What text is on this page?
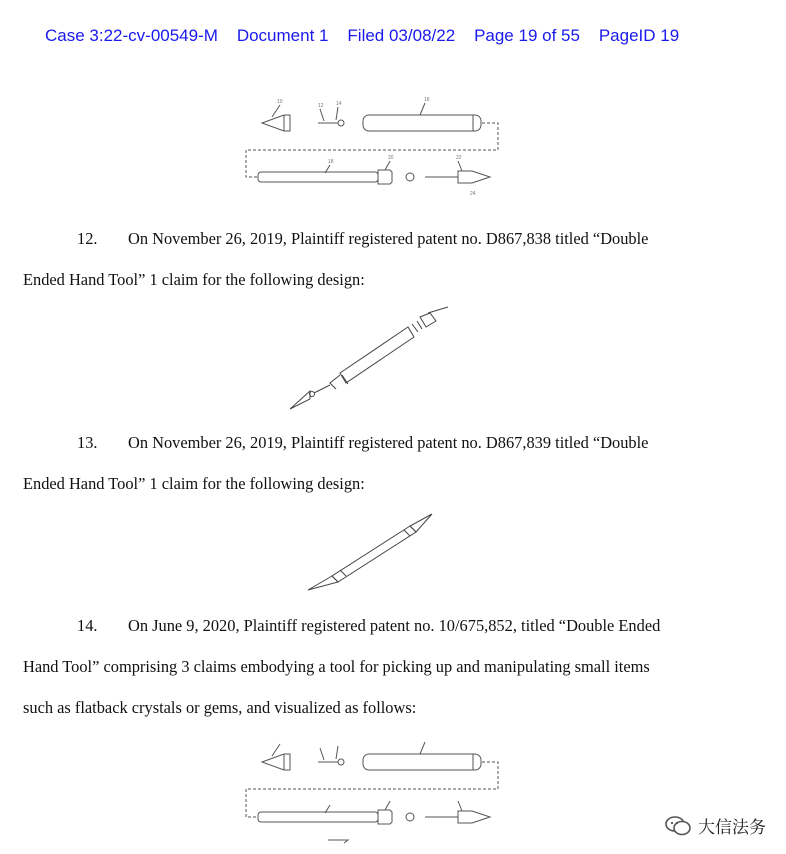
Case 3:22-cv-00549-M Document 1 Filed 03/08/22 Page 19 of 55 PageID 19
10
12 14
16
18
20	22
24

12. On November 26, 2019, Plaintiff registered patent no. D867,838 titled “Double

Ended Hand Tool” 1 claim for the following design:

13. On November 26, 2019, Plaintiff registered patent no. D867,839 titled “Double

Ended Hand Tool” 1 claim for the following design:

14. On June 9, 2020, Plaintiff registered patent no. 10/675,852, titled “Double Ended

Hand Tool” comprising 3 claims embodying a tool for picking up and manipulating small items

such as flatback crystals or gems, and visualized as follows:

大信法务
